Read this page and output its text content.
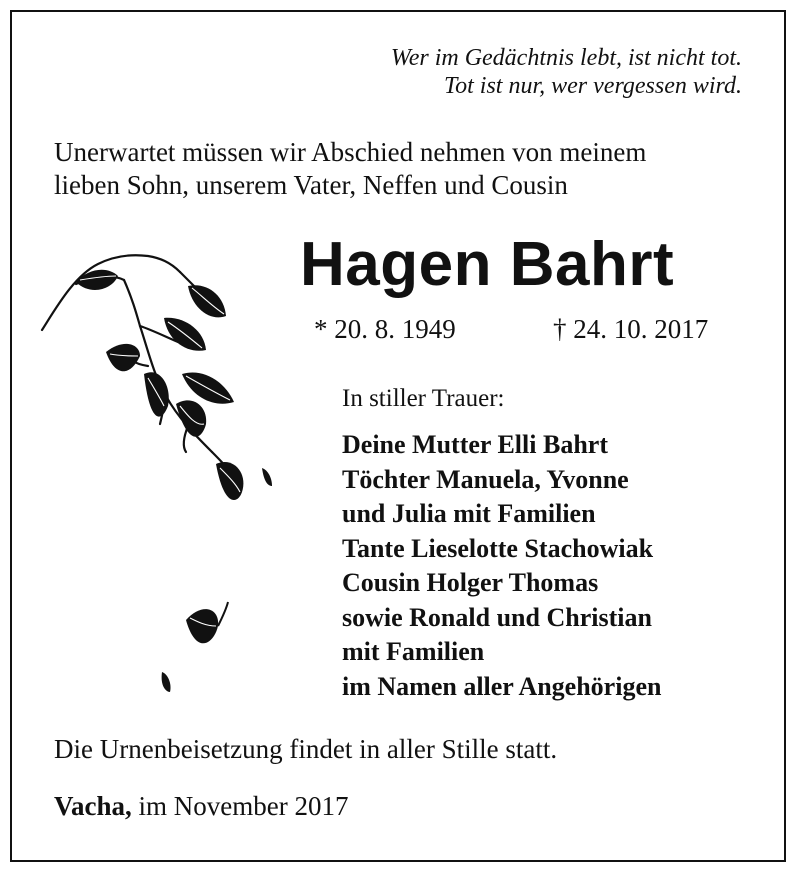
Wer im Gedächtnis lebt, ist nicht tot.
Tot ist nur, wer vergessen wird.
Unerwartet müssen wir Abschied nehmen von meinem
lieben Sohn, unserem Vater, Neffen und Cousin
Hagen Bahrt
* 20. 8. 1949	† 24. 10. 2017
In stiller Trauer:
Deine Mutter Elli Bahrt
Töchter Manuela, Yvonne
und Julia mit Familien
Tante Lieselotte Stachowiak
Cousin Holger Thomas
sowie Ronald und Christian
mit Familien
im Namen aller Angehörigen
Die Urnenbeisetzung findet in aller Stille statt.
Vacha, im November 2017
